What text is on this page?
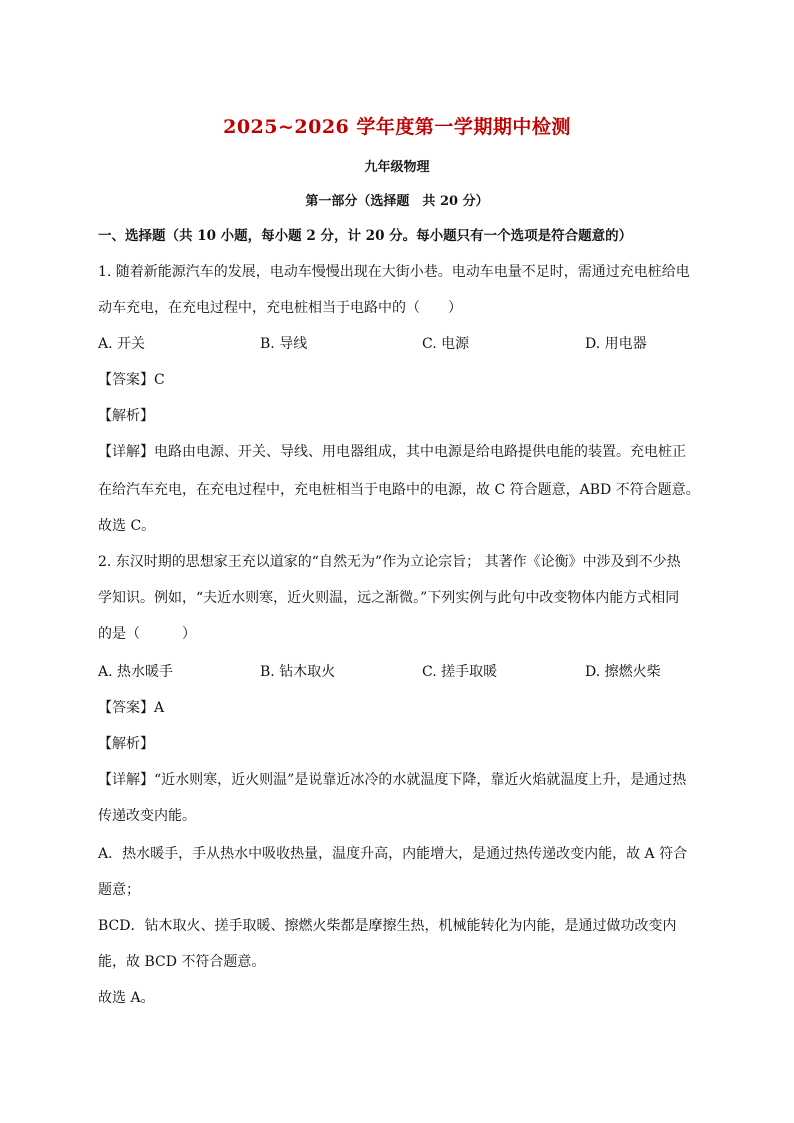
2025~2026 学年度第一学期期中检测
九年级物理
第一部分（选择题　共 20 分）
一、选择题（共 10 小题，每小题 2 分，计 20 分。每小题只有一个选项是符合题意的）
1. 随着新能源汽车的发展，电动车慢慢出现在大街小巷。电动车电量不足时，需通过充电桩给电
动车充电，在充电过程中，充电桩相当于电路中的（　　）
A. 开关	B. 导线	C. 电源	D. 用电器
【答案】C
【解析】
【详解】电路由电源、开关、导线、用电器组成，其中电源是给电路提供电能的装置。充电桩正
在给汽车充电，在充电过程中，充电桩相当于电路中的电源，故 C 符合题意，ABD 不符合题意。
故选 C。
2. 东汉时期的思想家王充以道家的“自然无为”作为立论宗旨； 其著作《论衡》中涉及到不少热
学知识。例如，“夫近水则寒，近火则温，远之渐微。”下列实例与此句中改变物体内能方式相同
的是（　　　）
A. 热水暖手	B. 钻木取火	C. 搓手取暖	D. 擦燃火柴
【答案】A
【解析】
【详解】“近水则寒，近火则温”是说靠近冰冷的水就温度下降，靠近火焰就温度上升，是通过热
传递改变内能。
A．热水暖手，手从热水中吸收热量，温度升高，内能增大，是通过热传递改变内能，故 A 符合
题意；
BCD．钻木取火、搓手取暖、擦燃火柴都是摩擦生热，机械能转化为内能，是通过做功改变内
能，故 BCD 不符合题意。
故选 A。
